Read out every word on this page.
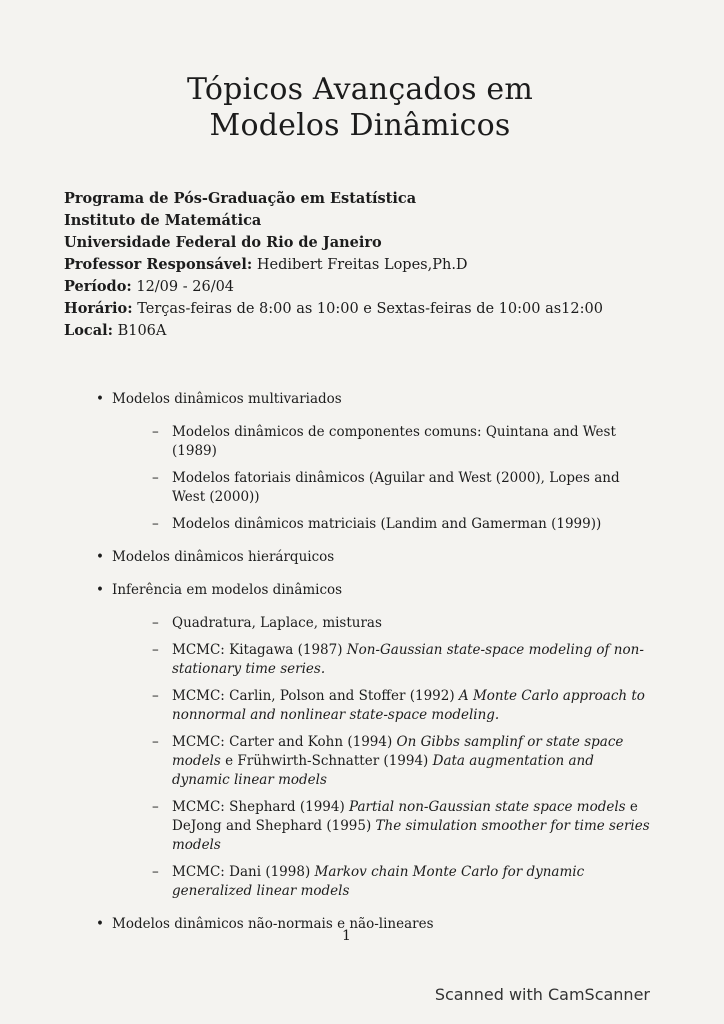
Tópicos Avançados em
Modelos Dinâmicos
Programa de Pós-Graduação em Estatística
Instituto de Matemática
Universidade Federal do Rio de Janeiro
Professor Responsável: Hedibert Freitas Lopes,Ph.D
Período: 12/09 - 26/04
Horário: Terças-feiras de 8:00 as 10:00 e Sextas-feiras de 10:00 as12:00
Local: B106A
• Modelos dinâmicos multivariados
– Modelos dinâmicos de componentes comuns: Quintana and West (1989)
– Modelos fatoriais dinâmicos (Aguilar and West (2000), Lopes and West (2000))
– Modelos dinâmicos matriciais (Landim and Gamerman (1999))
• Modelos dinâmicos hierárquicos
• Inferência em modelos dinâmicos
– Quadratura, Laplace, misturas
– MCMC: Kitagawa (1987) Non-Gaussian state-space modeling of non-stationary time series.
– MCMC: Carlin, Polson and Stoffer (1992) A Monte Carlo approach to nonnormal and nonlinear state-space modeling.
– MCMC: Carter and Kohn (1994) On Gibbs samplinf or state space models e Frühwirth-Schnatter (1994) Data augmentation and dynamic linear models
– MCMC: Shephard (1994) Partial non-Gaussian state space models e DeJong and Shephard (1995) The simulation smoother for time series models
– MCMC: Dani (1998) Markov chain Monte Carlo for dynamic generalized linear models
• Modelos dinâmicos não-normais e não-lineares
1
Scanned with CamScanner
